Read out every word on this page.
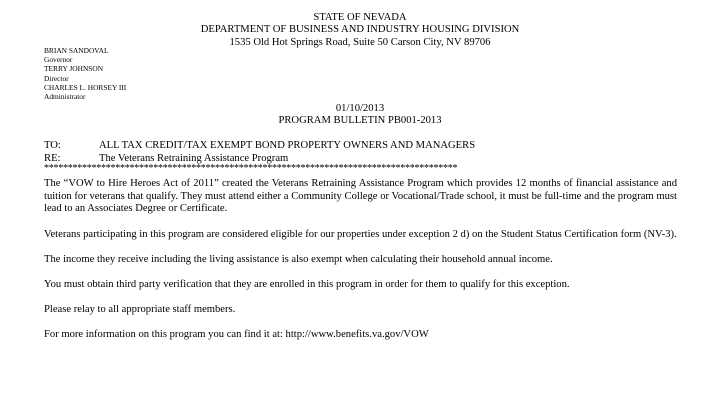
STATE OF NEVADA
DEPARTMENT OF BUSINESS AND INDUSTRY HOUSING DIVISION
1535 Old Hot Springs Road, Suite 50 Carson City, NV 89706
BRIAN SANDOVAL
Governor
TERRY JOHNSON
Director
CHARLES L. HORSEY III
Administrator
01/10/2013
PROGRAM BULLETIN PB001-2013
TO:	ALL TAX CREDIT/TAX EXEMPT BOND PROPERTY OWNERS AND MANAGERS
RE:	The Veterans Retraining Assistance Program
***************************************************************************************

The “VOW to Hire Heroes Act of 2011” created the Veterans Retraining Assistance Program which provides 12 months of financial assistance and tuition for veterans that qualify. They must attend either a Community College or Vocational/Trade school, it must be full-time and the program must lead to an Associates Degree or Certificate.

Veterans participating in this program are considered eligible for our properties under exception 2 d) on the Student Status Certification form (NV-3).

The income they receive including the living assistance is also exempt when calculating their household annual income.

You must obtain third party verification that they are enrolled in this program in order for them to qualify for this exception.

Please relay to all appropriate staff members.

For more information on this program you can find it at: http://www.benefits.va.gov/VOW
